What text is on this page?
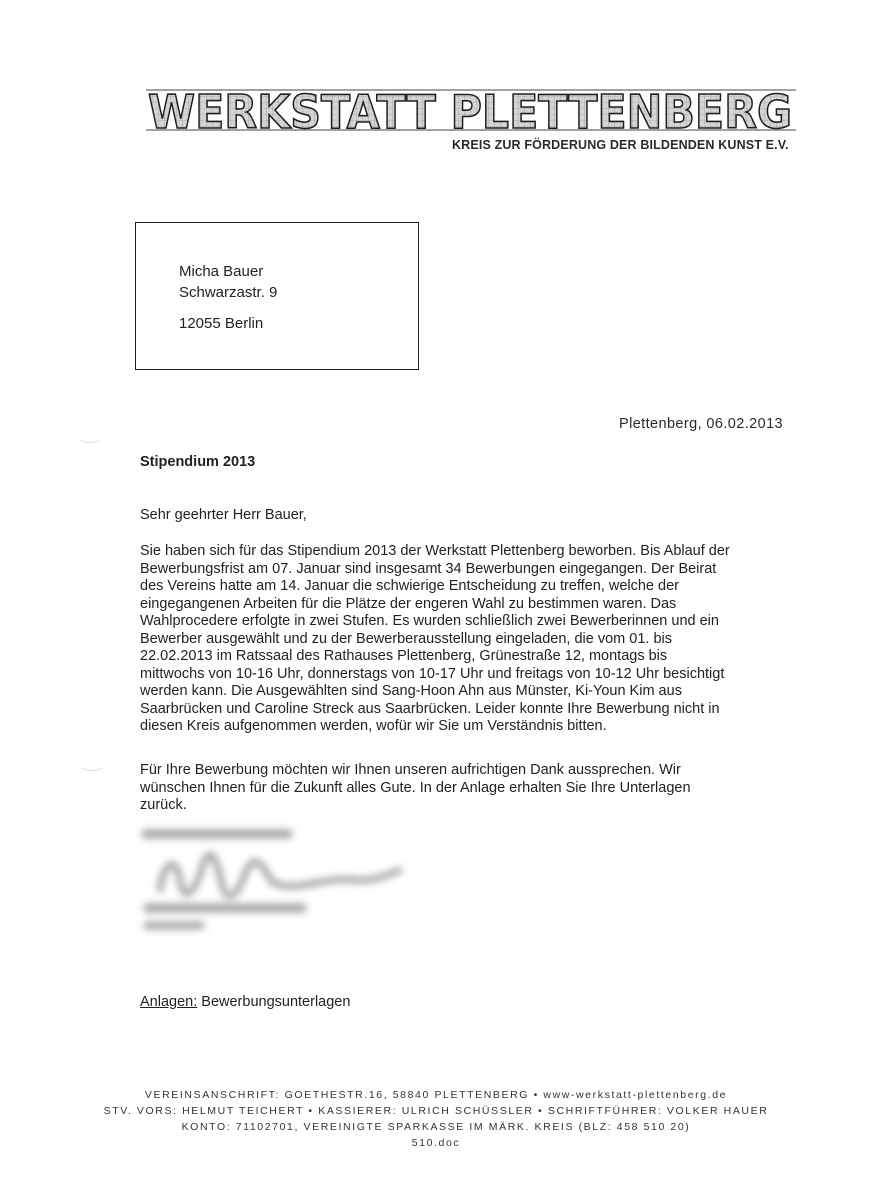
WERKSTATT PLETTENBERG
KREIS ZUR FÖRDERUNG DER BILDENDEN KUNST E.V.
Micha Bauer
Schwarzastr. 9
12055 Berlin
Plettenberg, 06.02.2013
Stipendium 2013
Sehr geehrter Herr Bauer,
Sie haben sich für das Stipendium 2013 der Werkstatt Plettenberg beworben. Bis Ablauf der
Bewerbungsfrist am 07. Januar sind insgesamt 34 Bewerbungen eingegangen. Der Beirat
des Vereins hatte am 14. Januar die schwierige Entscheidung zu treffen, welche der
eingegangenen Arbeiten für die Plätze der engeren Wahl zu bestimmen waren. Das
Wahlprocedere erfolgte in zwei Stufen. Es wurden schließlich zwei Bewerberinnen und ein
Bewerber ausgewählt und zu der Bewerberausstellung eingeladen, die vom 01. bis
22.02.2013 im Ratssaal des Rathauses Plettenberg, Grünestraße 12, montags bis
mittwochs von 10-16 Uhr, donnerstags von 10-17 Uhr und freitags von 10-12 Uhr besichtigt
werden kann. Die Ausgewählten sind Sang-Hoon Ahn aus Münster, Ki-Youn Kim aus
Saarbrücken und Caroline Streck aus Saarbrücken. Leider konnte Ihre Bewerbung nicht in
diesen Kreis aufgenommen werden, wofür wir Sie um Verständnis bitten.
Für Ihre Bewerbung möchten wir Ihnen unseren aufrichtigen Dank aussprechen. Wir
wünschen Ihnen für die Zukunft alles Gute. In der Anlage erhalten Sie Ihre Unterlagen
zurück.
Anlagen: Bewerbungsunterlagen
VEREINSANSCHRIFT: GOETHESTR.16, 58840 PLETTENBERG • www-werkstatt-plettenberg.de
STV. VORS: HELMUT TEICHERT • KASSIERER: ULRICH SCHÜSSLER • SCHRIFTFÜHRER: VOLKER HAUER
KONTO: 71102701, VEREINIGTE SPARKASSE IM MÄRK. KREIS (BLZ: 458 510 20)
510.doc
